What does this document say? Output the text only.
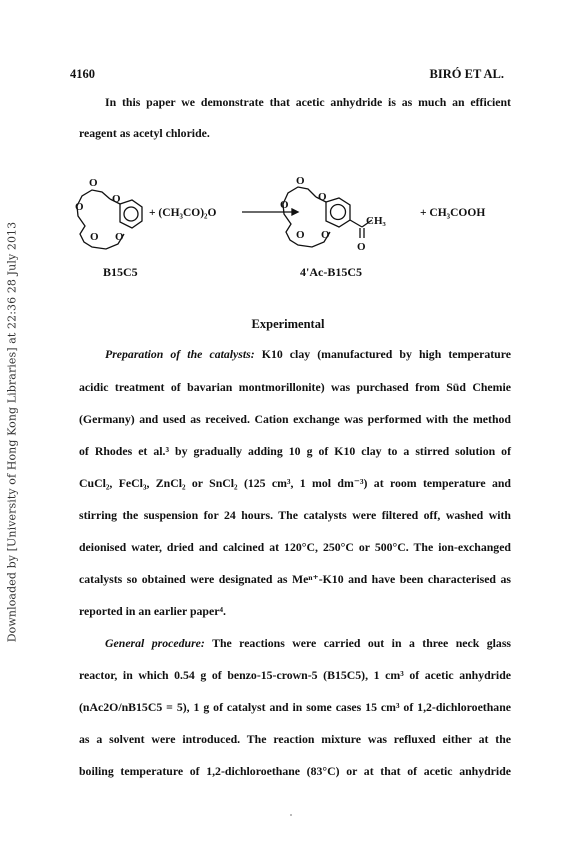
Downloaded by [University of Hong Kong Libraries] at 22:36 28 July 2013
4160	BIRÓ ET AL.
In this paper we demonstrate that acetic anhydride is as much an efficient
reagent as acetyl chloride.
O
O
O
O O
O
O
O
O O
CH₃
O
+ (CH₃CO)₂O	+ CH₃COOH
B15C5	4'Ac-B15C5
Experimental
Preparation of the catalysts: K10 clay (manufactured by high temperature
acidic treatment of bavarian montmorillonite) was purchased from Süd Chemie
(Germany) and used as received. Cation exchange was performed with the method
of Rhodes et al.³ by gradually adding 10 g of K10 clay to a stirred solution of
CuCl₂, FeCl₃, ZnCl₂ or SnCl₂ (125 cm³, 1 mol dm⁻³) at room temperature and
stirring the suspension for 24 hours. The catalysts were filtered off, washed with
deionised water, dried and calcined at 120°C, 250°C or 500°C. The ion-exchanged
catalysts so obtained were designated as Meⁿ⁺-K10 and have been characterised as
reported in an earlier paper⁴.
General procedure: The reactions were carried out in a three neck glass
reactor, in which 0.54 g of benzo-15-crown-5 (B15C5), 1 cm³ of acetic anhydride
(nAc2O/nB15C5 = 5), 1 g of catalyst and in some cases 15 cm³ of 1,2-dichloroethane
as a solvent were introduced. The reaction mixture was refluxed either at the
boiling temperature of 1,2-dichloroethane (83°C) or at that of acetic anhydride
